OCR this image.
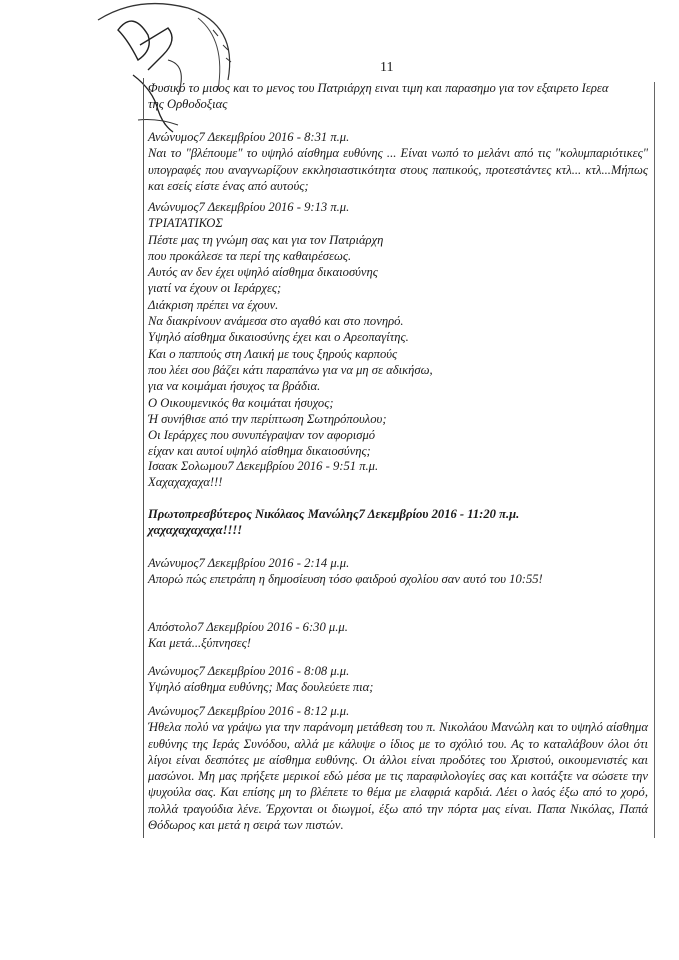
11
Φυσικό το μισος και το μενος του Πατριάρχη ειναι τιμη και παρασημο για τον εξαιρετο Ιερεα
της Ορθοδοξιας
Ανώνυμος7 Δεκεμβρίου 2016 - 8:31 π.μ.
Ναι το "βλέπουμε" το υψηλό αίσθημα ευθύνης ... Είναι νωπό το μελάνι από τις "κολυμπαριότικες" υπογραφές που αναγνωρίζουν εκκλησιαστικότητα στους παπικούς, προτεστάντες κτλ... κτλ...Μήπως και εσείς είστε ένας από αυτούς;
Ανώνυμος7 Δεκεμβρίου 2016 - 9:13 π.μ.
ΤΡΙΑΤΑΤΙΚΟΣ
Πέστε μας τη γνώμη σας και για τον Πατριάρχη
που προκάλεσε τα περί της καθαιρέσεως.
Αυτός αν δεν έχει υψηλό αίσθημα δικαιοσύνης
γιατί να έχουν οι Ιεράρχες;
Διάκριση πρέπει να έχουν.
Να διακρίνουν ανάμεσα στο αγαθό και στο πονηρό.
Υψηλό αίσθημα δικαιοσύνης έχει και ο Αρεοπαγίτης.
Και ο παππούς στη Λαική με τους ξηρούς καρπούς
που λέει σου βάζει κάτι παραπάνω για να μη σε αδικήσω,
για να κοιμάμαι ήσυχος τα βράδια.
Ο Οικουμενικός θα κοιμάται ήσυχος;
Ή συνήθισε από την περίπτωση Σωτηρόπουλου;
Οι Ιεράρχες που συνυπέγραψαν τον αφορισμό
είχαν και αυτοί υψηλό αίσθημα δικαιοσύνης;
Ισαακ Σολωμου7 Δεκεμβρίου 2016 - 9:51 π.μ.
Χαχαχαχαχα!!!
Πρωτοπρεσβύτερος Νικόλαος Μανώλης7 Δεκεμβρίου 2016 - 11:20 π.μ.
χαχαχαχαχαχα!!!!
Ανώνυμος7 Δεκεμβρίου 2016 - 2:14 μ.μ.
Απορώ πώς επετράπη η δημοσίευση τόσο φαιδρού σχολίου σαν αυτό του 10:55!
Απόστολο7 Δεκεμβρίου 2016 - 6:30 μ.μ.
Και μετά...ξύπνησες!
Ανώνυμος7 Δεκεμβρίου 2016 - 8:08 μ.μ.
Υψηλό αίσθημα ευθύνης; Μας δουλεύετε πια;
Ανώνυμος7 Δεκεμβρίου 2016 - 8:12 μ.μ.
Ήθελα πολύ να γράψω για την παράνομη μετάθεση του π. Νικολάου Μανώλη και το υψηλό αίσθημα ευθύνης της Ιεράς Συνόδου, αλλά με κάλυψε ο ίδιος με το σχόλιό του. Ας το καταλάβουν όλοι ότι λίγοι είναι δεσπότες με αίσθημα ευθύνης. Οι άλλοι είναι προδότες του Χριστού, οικουμενιστές και μασώνοι. Μη μας πρήξετε μερικοί εδώ μέσα με τις παραφιλολογίες σας και κοιτάξτε να σώσετε την ψυχούλα σας. Και επίσης μη το βλέπετε το θέμα με ελαφριά καρδιά. Λέει ο λαός έξω από το χορό, πολλά τραγούδια λένε. Έρχονται οι διωγμοί, έξω από την πόρτα μας είναι. Παπα Νικόλας, Παπά Θόδωρος και μετά η σειρά των πιστών.
